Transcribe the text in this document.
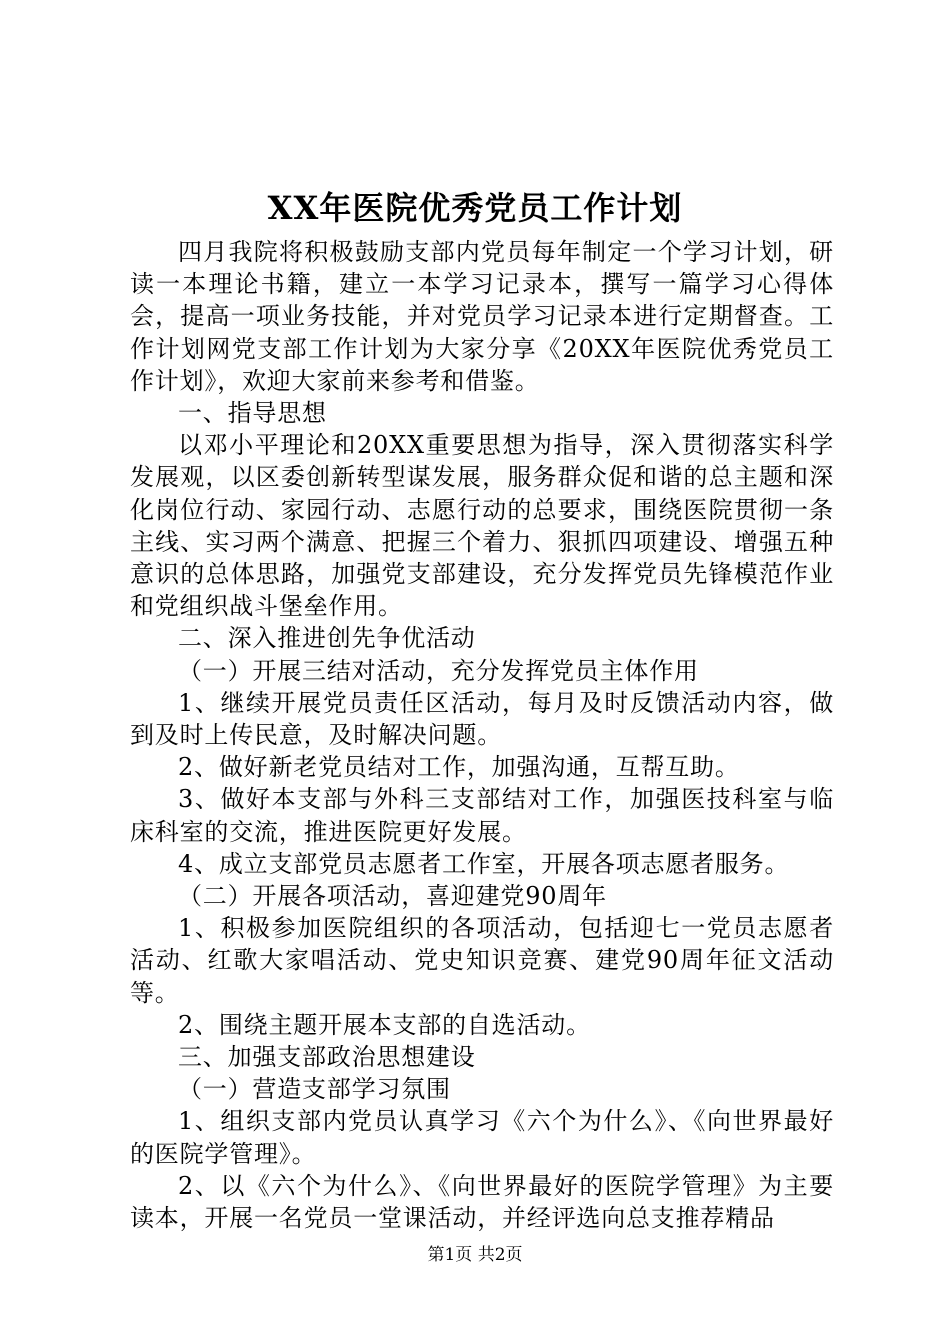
XX年医院优秀党员工作计划

四月我院将积极鼓励支部内党员每年制定一个学习计划，研读一本理论书籍，建立一本学习记录本，撰写一篇学习心得体会，提高一项业务技能，并对党员学习记录本进行定期督查。工作计划网党支部工作计划为大家分享《20XX年医院优秀党员工作计划》，欢迎大家前来参考和借鉴。

一、指导思想

以邓小平理论和20XX重要思想为指导，深入贯彻落实科学发展观，以区委创新转型谋发展，服务群众促和谐的总主题和深化岗位行动、家园行动、志愿行动的总要求，围绕医院贯彻一条主线、实习两个满意、把握三个着力、狠抓四项建设、增强五种意识的总体思路，加强党支部建设，充分发挥党员先锋模范作业和党组织战斗堡垒作用。

二、深入推进创先争优活动

（一）开展三结对活动，充分发挥党员主体作用

1、继续开展党员责任区活动，每月及时反馈活动内容，做到及时上传民意，及时解决问题。

2、做好新老党员结对工作，加强沟通，互帮互助。

3、做好本支部与外科三支部结对工作，加强医技科室与临床科室的交流，推进医院更好发展。

4、成立支部党员志愿者工作室，开展各项志愿者服务。

（二）开展各项活动，喜迎建党90周年

1、积极参加医院组织的各项活动，包括迎七一党员志愿者活动、红歌大家唱活动、党史知识竞赛、建党90周年征文活动等。

2、围绕主题开展本支部的自选活动。

三、加强支部政治思想建设

（一）营造支部学习氛围

1、组织支部内党员认真学习《六个为什么》、《向世界最好的医院学管理》。

2、以《六个为什么》、《向世界最好的医院学管理》为主要读本，开展一名党员一堂课活动，并经评选向总支推荐精品

第1页 共2页
